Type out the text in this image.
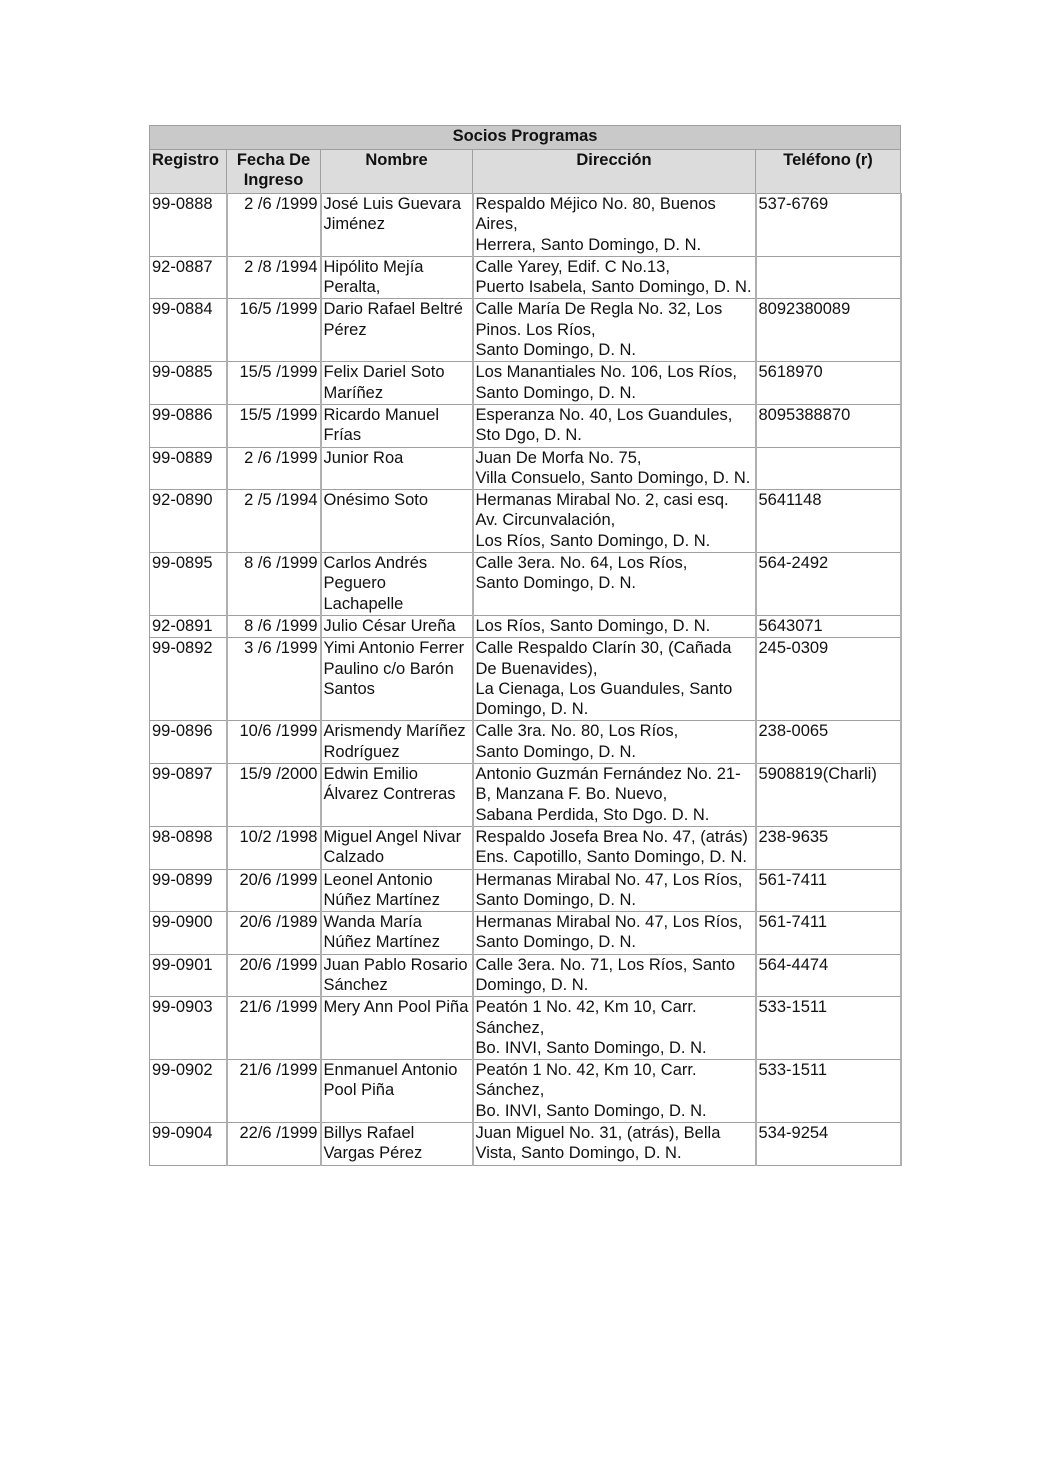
Socios Programas				
Registro	Fecha De Ingreso	Nombre	Dirección	Teléfono (r)
99-0888	2 /6 /1999	José Luis Guevara Jiménez	Respaldo Méjico No. 80, Buenos Aires,
Herrera, Santo Domingo, D. N.	537-6769
92-0887	2 /8 /1994	Hipólito Mejía Peralta,	Calle Yarey, Edif. C No.13,
Puerto Isabela, Santo Domingo, D. N.	

99-0884	16/5 /1999	Dario Rafael Beltré Pérez	Calle María De Regla No. 32, Los Pinos. Los Ríos,
Santo Domingo, D. N.	8092380089
99-0885	15/5 /1999	Felix Dariel Soto Maríñez	Los Manantiales No. 106, Los Ríos, Santo Domingo, D. N.	5618970
99-0886	15/5 /1999	Ricardo Manuel Frías	Esperanza No. 40, Los Guandules, Sto Dgo, D. N.	8095388870
99-0889	2 /6 /1999	Junior Roa	Juan De Morfa No. 75,
Villa Consuelo, Santo Domingo, D. N.	

92-0890	2 /5 /1994	Onésimo Soto	Hermanas Mirabal No. 2, casi esq. Av. Circunvalación,
Los Ríos, Santo Domingo, D. N.	5641148
99-0895	8 /6 /1999	Carlos Andrés Peguero Lachapelle	Calle 3era. No. 64, Los Ríos,
Santo Domingo, D. N.	564-2492
92-0891	8 /6 /1999	Julio César Ureña	Los Ríos, Santo Domingo, D. N.	5643071
99-0892	3 /6 /1999	Yimi Antonio Ferrer Paulino c/o Barón Santos	Calle Respaldo Clarín 30, (Cañada De Buenavides),
La Cienaga, Los Guandules, Santo Domingo, D. N.	245-0309
99-0896	10/6 /1999	Arismendy Maríñez Rodríguez	Calle 3ra. No. 80, Los Ríos,
Santo Domingo, D. N.	238-0065
99-0897	15/9 /2000	Edwin Emilio Álvarez Contreras	Antonio Guzmán Fernández No. 21-B, Manzana F. Bo. Nuevo,
Sabana Perdida, Sto Dgo. D. N.	5908819(Charli)
98-0898	10/2 /1998	Miguel Angel Nivar Calzado	Respaldo Josefa Brea No. 47, (atrás)
Ens. Capotillo, Santo Domingo, D. N.	238-9635
99-0899	20/6 /1999	Leonel Antonio Núñez Martínez	Hermanas Mirabal No. 47, Los Ríos, Santo Domingo, D. N.	561-7411
99-0900	20/6 /1989	Wanda María Núñez Martínez	Hermanas Mirabal No. 47, Los Ríos, Santo Domingo, D. N.	561-7411
99-0901	20/6 /1999	Juan Pablo Rosario Sánchez	Calle 3era. No. 71, Los Ríos, Santo Domingo, D. N.	564-4474
99-0903	21/6 /1999	Mery Ann Pool Piña	Peatón 1 No. 42, Km 10, Carr. Sánchez,
Bo. INVI, Santo Domingo, D. N.	533-1511
99-0902	21/6 /1999	Enmanuel Antonio Pool Piña	Peatón 1 No. 42, Km 10, Carr. Sánchez,
Bo. INVI, Santo Domingo, D. N.	533-1511
99-0904	22/6 /1999	Billys Rafael Vargas Pérez	Juan Miguel No. 31, (atrás), Bella Vista, Santo Domingo, D. N.	534-9254
